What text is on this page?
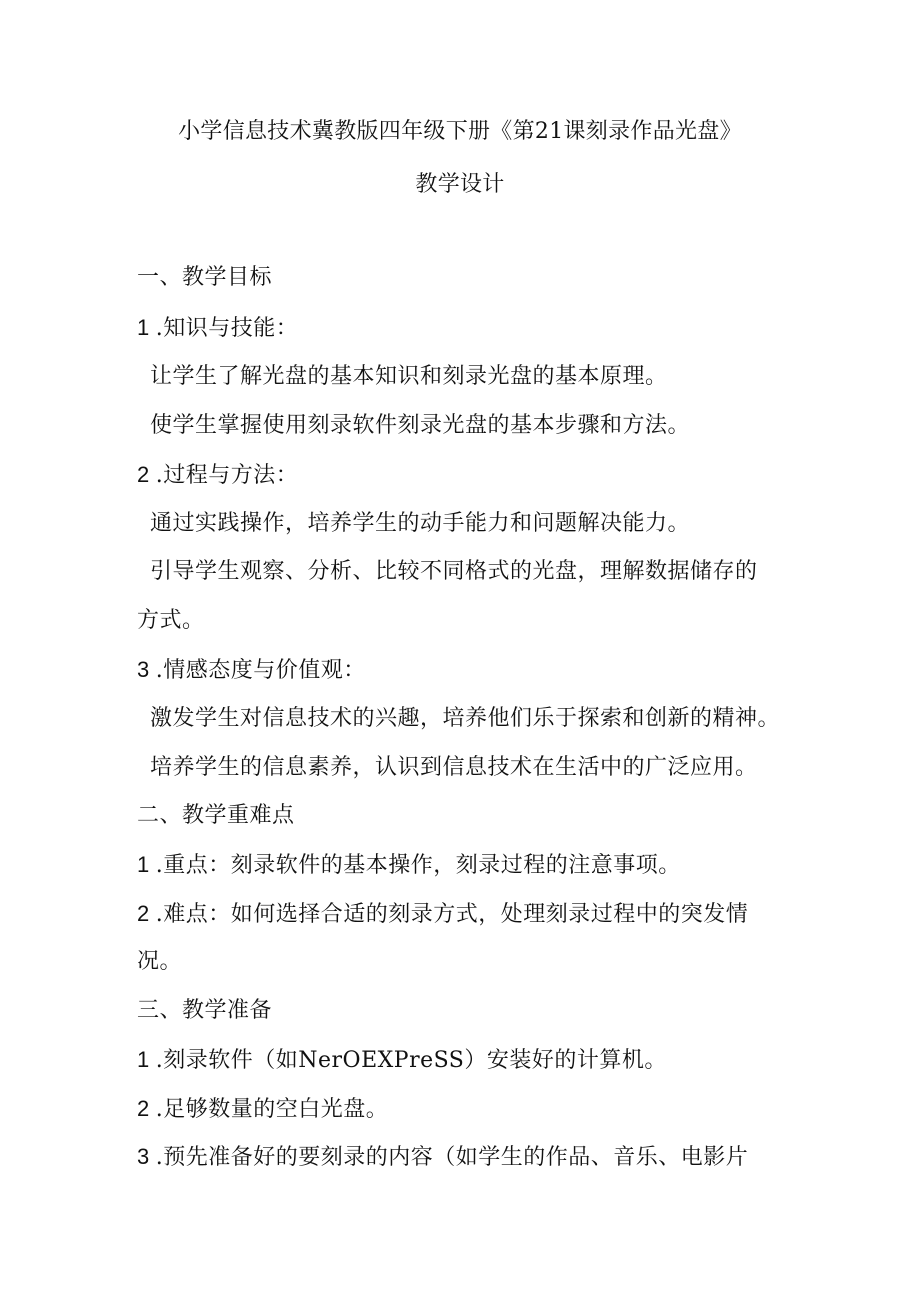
小学信息技术冀教版四年级下册《第21课刻录作品光盘》
教学设计
一、教学目标
1 .知识与技能：
让学生了解光盘的基本知识和刻录光盘的基本原理。
使学生掌握使用刻录软件刻录光盘的基本步骤和方法。
2 .过程与方法：
通过实践操作，培养学生的动手能力和问题解决能力。
引导学生观察、分析、比较不同格式的光盘，理解数据储存的
方式。
3 .情感态度与价值观：
激发学生对信息技术的兴趣，培养他们乐于探索和创新的精神。
培养学生的信息素养，认识到信息技术在生活中的广泛应用。
二、教学重难点
1 .重点：刻录软件的基本操作，刻录过程的注意事项。
2 .难点：如何选择合适的刻录方式，处理刻录过程中的突发情
况。
三、教学准备
1 .刻录软件（如NerOEXPreSS）安装好的计算机。
2 .足够数量的空白光盘。
3 .预先准备好的要刻录的内容（如学生的作品、音乐、电影片
